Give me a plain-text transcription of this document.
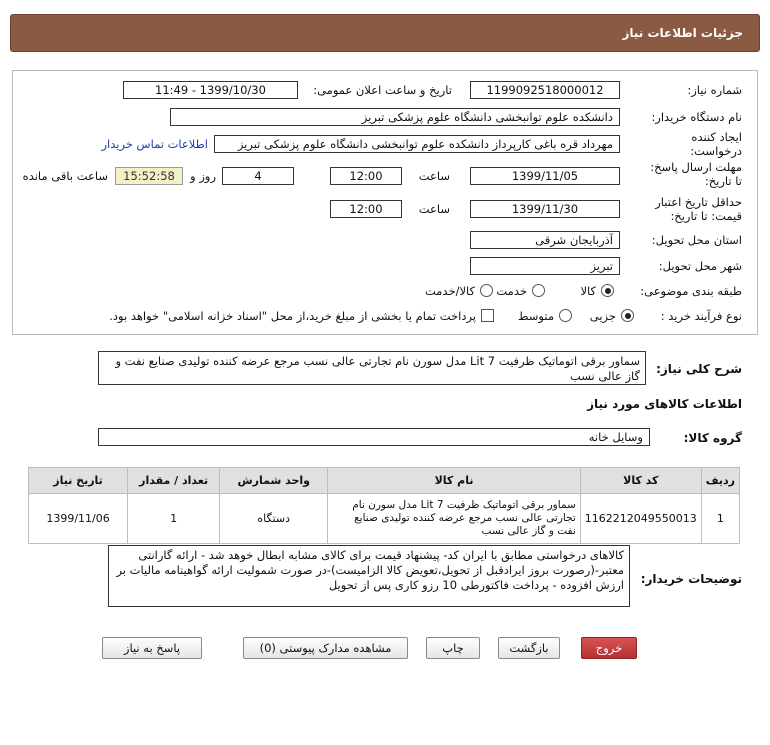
جزئیات اطلاعات نیاز
شماره نیاز:
1199092518000012
تاریخ و ساعت اعلان عمومی:
1399/10/30 - 11:49
نام دستگاه خریدار:
دانشکده علوم توانبخشی دانشگاه علوم پزشکی تبریز
ایجاد کننده
درخواست:
مهرداد قره باغی کارپرداز دانشکده علوم توانبخشی دانشگاه علوم پزشکی تبریز
اطلاعات تماس خریدار
مهلت ارسال پاسخ:
تا تاریخ:
1399/11/05
ساعت
12:00
4
روز و
15:52:58
ساعت باقی مانده
حداقل تاریخ اعتبار
قیمت: تا تاریخ:
1399/11/30
ساعت
12:00
استان محل تحویل:
آذربایجان شرقی
شهر محل تحویل:
تبریز
طبقه بندی موضوعی:
کالا
خدمت
کالا/خدمت
نوع فرآیند خرید :
جزیی
متوسط
پرداخت تمام یا بخشی از مبلغ خرید،از محل "اسناد خزانه اسلامی" خواهد بود.
شرح کلی نیاز:
سماور برقی اتوماتیک ظرفیت 7 Lit مدل سورن نام تجارتی عالی نسب مرجع عرضه کننده تولیدی صنایع نفت و گاز عالی نسب
اطلاعات کالاهای مورد نیاز
گروه کالا:
وسایل خانه
ردیف	کد کالا	نام کالا	واحد شمارش	تعداد / مقدار	تاریخ نیاز
1	1162212049550013	سماور برقی اتوماتیک ظرفیت 7 Lit مدل سورن نام تجارتی عالی نسب مرجع عرضه کننده تولیدی صنایع نفت و گاز عالی نسب	دستگاه	1	1399/11/06
توضیحات خریدار:
کالاهای درخواستی مطابق با ایران کد- پیشنهاد قیمت برای کالای مشابه ابطال خوهد شد - ارائه گارانتی معتبر-(رصورت بروز ایرادقبل از تحویل،تعویض کالا الزامیست)-در صورت شمولیت ارائه گواهینامه مالیات بر ارزش افزوده - پرداخت فاکتورطی 10 رزو کاری پس از تحویل
پاسخ به نیاز	مشاهده مدارک پیوستی (0)	چاپ	بازگشت	خروج
